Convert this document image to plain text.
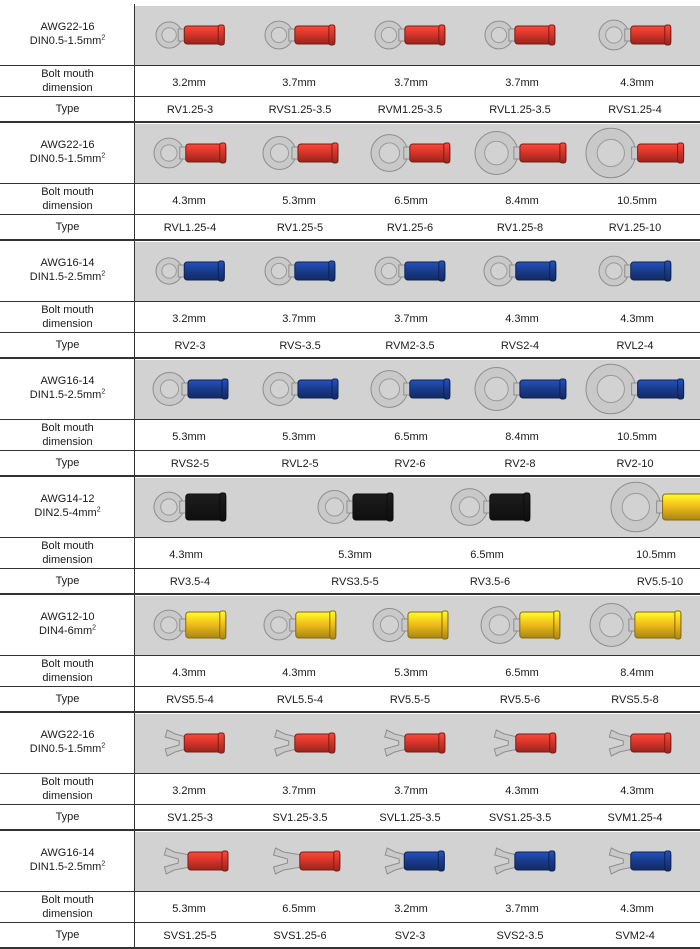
AWG22-16
$DIN0.5-1.5mm^2$
Bolt mouth dimension
Type
3.2mm
RV1.25-3
3.7mm
RVS1.25-3.5
3.7mm
RVM1.25-3.5
3.7mm
RVL1.25-3.5
4.3mm
RVS1.25-4
AWG22-16
$DIN0.5-1.5mm^2$
Bolt mouth dimension
Type
4.3mm
RVL1.25-4
5.3mm
RV1.25-5
6.5mm
RV1.25-6
8.4mm
RV1.25-8
10.5mm
RV1.25-10
AWG16-14
$DIN1.5-2.5mm^2$
Bolt mouth dimension
Type
3.2mm
RV2-3
3.7mm
RVS-3.5
3.7mm
RVM2-3.5
4.3mm
RVS2-4
4.3mm
RVL2-4
AWG16-14
$DIN1.5-2.5mm^2$
Bolt mouth dimension
Type
5.3mm
RVS2-5
5.3mm
RVL2-5
6.5mm
RV2-6
8.4mm
RV2-8
10.5mm
RV2-10
AWG14-12
$DIN2.5-4mm^2$
Bolt mouth dimension
Type
4.3mm
RV3.5-4
5.3mm
RVS3.5-5
6.5mm
RV3.5-6
10.5mm
RV5.5-10
AWG12-10
$DIN4-6mm^2$
Bolt mouth dimension
Type
4.3mm
RVS5.5-4
4.3mm
RVL5.5-4
5.3mm
RV5.5-5
6.5mm
RV5.5-6
8.4mm
RVS5.5-8
AWG22-16
$DIN0.5-1.5mm^2$
Bolt mouth dimension
Type
3.2mm
SV1.25-3
3.7mm
SV1.25-3.5
3.7mm
SVL1.25-3.5
4.3mm
SVS1.25-3.5
4.3mm
SVM1.25-4
AWG16-14
$DIN1.5-2.5mm^2$
Bolt mouth dimension
Type
5.3mm
SVS1.25-5
6.5mm
SVS1.25-6
3.2mm
SV2-3
3.7mm
SVS2-3.5
4.3mm
SVM2-4
